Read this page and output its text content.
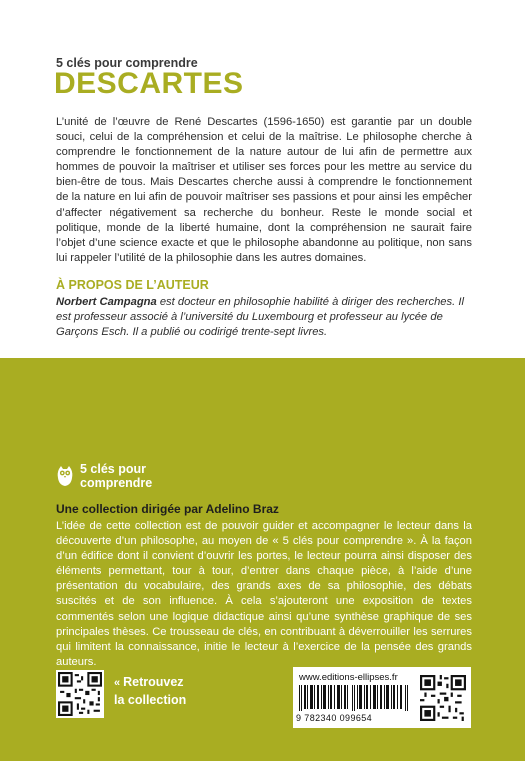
5 clés pour comprendre
DESCARTES

L’unité de l’œuvre de René Descartes (1596-1650) est garantie par un double souci, celui de la compréhension et celui de la maîtrise. Le philosophe cherche à comprendre le fonctionnement de la nature autour de lui afin de permettre aux hommes de pouvoir la maîtriser et utiliser ses forces pour les mettre au service du bien-être de tous. Mais Descartes cherche aussi à comprendre le fonctionnement de la nature en lui afin de pouvoir maîtriser ses passions et pour ainsi les empêcher d’affecter négativement sa recherche du bonheur. Reste le monde social et politique, monde de la liberté humaine, dont la compréhension ne saurait faire l’objet d’une science exacte et que le philosophe abandonne au politique, non sans lui rappeler l’utilité de la philosophie dans les autres domaines.

À PROPOS DE L’AUTEUR

Norbert Campagna est docteur en philosophie habilité à diriger des recherches. Il est professeur associé à l’université du Luxembourg et professeur au lycée de Garçons Esch. Il a publié ou codirigé trente-sept livres.

5 clés pour
comprendre
Une collection dirigée par Adelino Braz

L’idée de cette collection est de pouvoir guider et accompagner le lecteur dans la découverte d’un philosophe, au moyen de « 5 clés pour comprendre ». À la façon d’un édifice dont il convient d’ouvrir les portes, le lecteur pourra ainsi disposer des éléments permettant, tour à tour, d’entrer dans chaque pièce, à l’aide d’une présentation du vocabulaire, des grands axes de sa philosophie, des débats suscités et de son influence. À cela s’ajouteront une exposition de textes commentés selon une logique didactique ainsi qu’une synthèse graphique de ses principales thèses. Ce trousseau de clés, en contribuant à déverrouiller les serrures qui limitent la connaissance, initie le lecteur à l’exercice de la pensée des grands auteurs.

« Retrouvez
la collection
www.editions-ellipses.fr
9 782340 099654
